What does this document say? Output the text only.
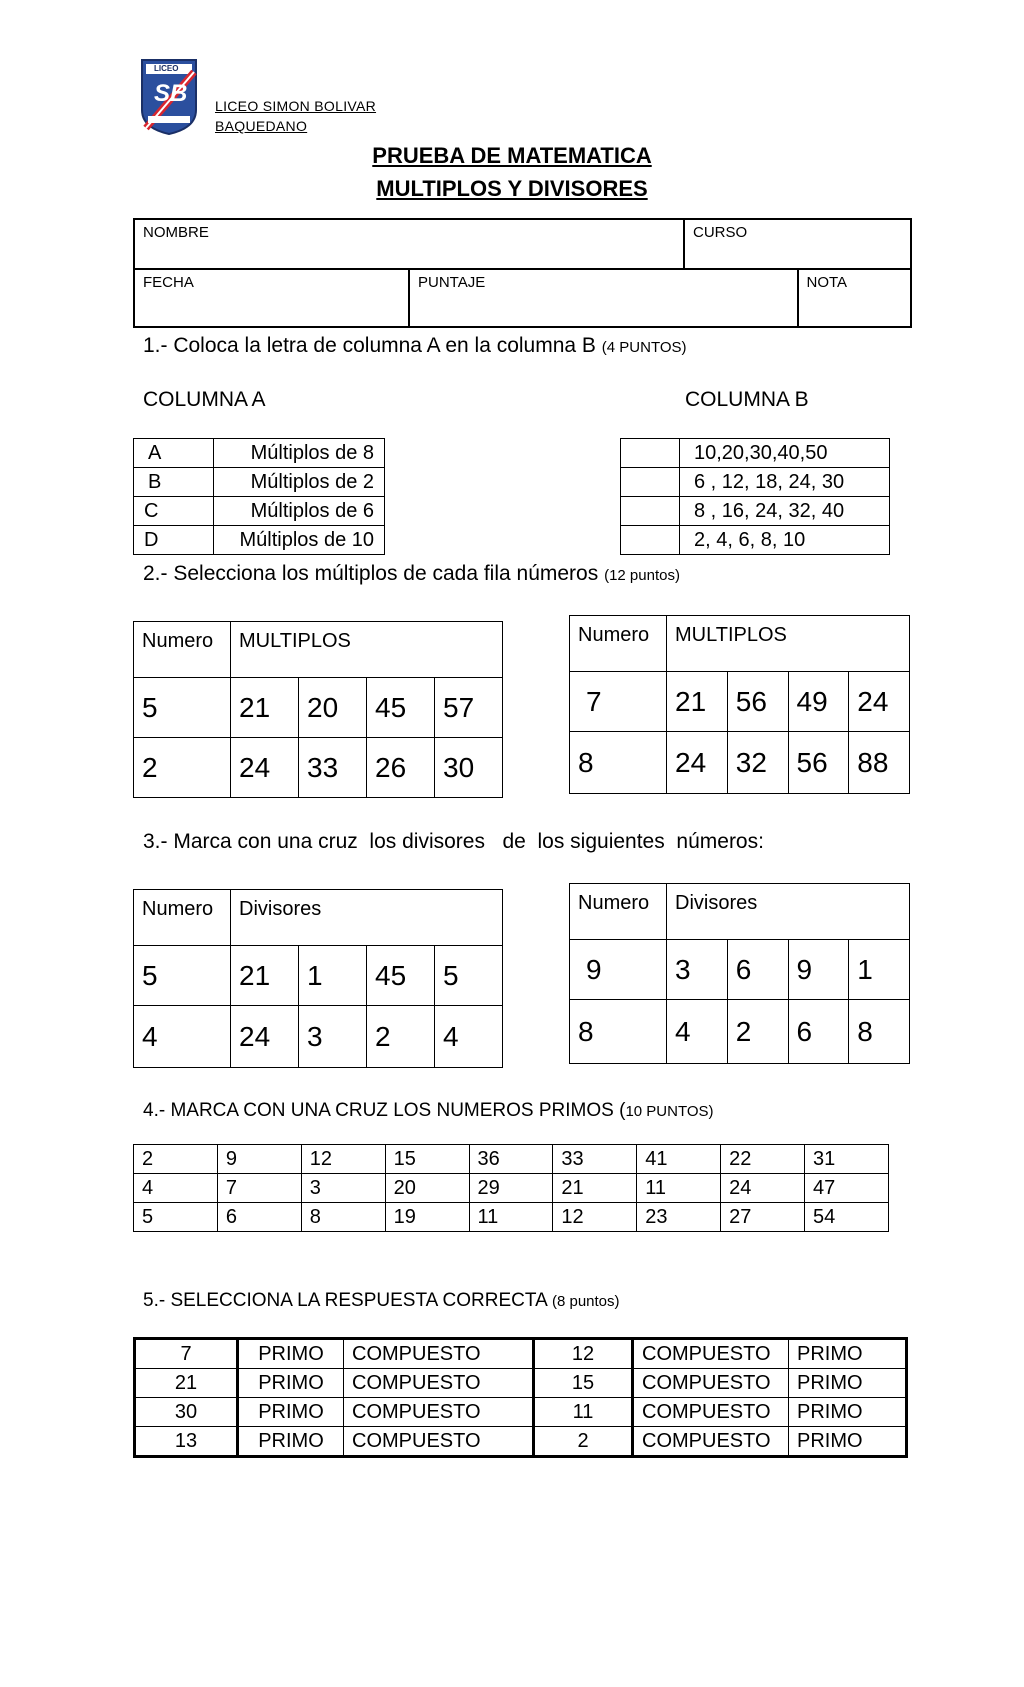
LICEO
SB LICEO SIMON BOLIVAR
BAQUEDANO
PRUEBA DE MATEMATICA
MULTIPLOS Y DIVISORES
NOMBRE		CURSO	
FECHA	PUNTAJE		NOTA
1.- Coloca la letra de columna A en la columna B (4 PUNTOS)
COLUMNA A	COLUMNA B
A	Múltiplos de 8
B	Múltiplos de 2
C	Múltiplos de 6
D	Múltiplos de 10
	10,20,30,40,50
	6 , 12, 18, 24, 30
	8 , 16, 24, 32, 40
	2, 4, 6, 8, 10
2.- Selecciona los múltiplos de cada fila números (12 puntos)
Numero	MULTIPLOS			
5	21	20	45	57
2	24	33	26	30
Numero	MULTIPLOS			
7	21	56	49	24
8	24	32	56	88
3.- Marca con una cruz  los divisores   de  los siguientes  números:
Numero	Divisores			
5	21	1	45	5
4	24	3	2	4
Numero	Divisores			
9	3	6	9	1
8	4	2	6	8
4.- MARCA CON UNA CRUZ LOS NUMEROS PRIMOS (10 PUNTOS)
2	9	12	15	36	33	41	22	31
4	7	3	20	29	21	11	24	47
5	6	8	19	11	12	23	27	54
5.- SELECCIONA LA RESPUESTA CORRECTA (8 puntos)
7	PRIMO	COMPUESTO	12	COMPUESTO	PRIMO
21	PRIMO	COMPUESTO	15	COMPUESTO	PRIMO
30	PRIMO	COMPUESTO	11	COMPUESTO	PRIMO
13	PRIMO	COMPUESTO	2	COMPUESTO	PRIMO
